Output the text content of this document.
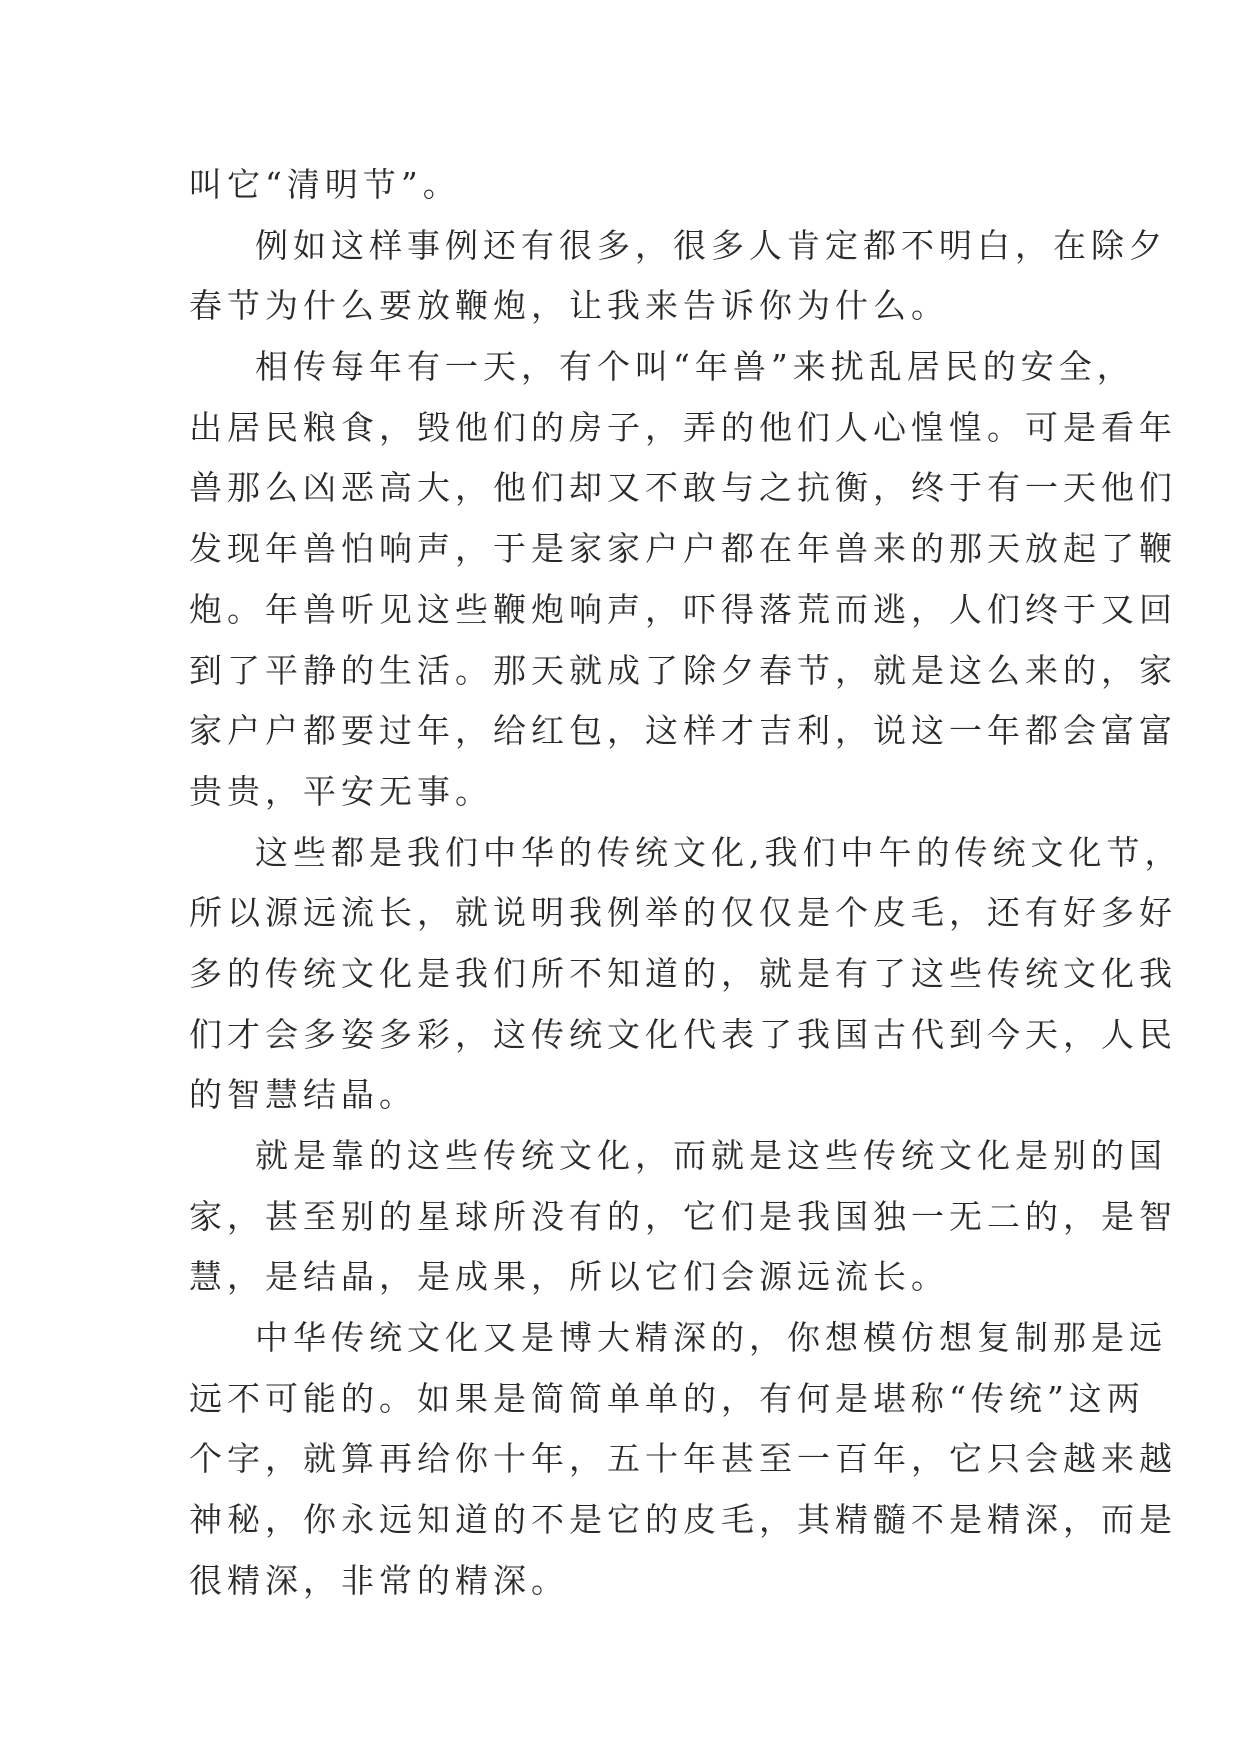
叫它“清明节”。
例如这样事例还有很多，很多人肯定都不明白，在除夕
春节为什么要放鞭炮，让我来告诉你为什么。
相传每年有一天，有个叫“年兽”来扰乱居民的安全，
出居民粮食，毁他们的房子，弄的他们人心惶惶。可是看年
兽那么凶恶高大，他们却又不敢与之抗衡，终于有一天他们
发现年兽怕响声，于是家家户户都在年兽来的那天放起了鞭
炮。年兽听见这些鞭炮响声，吓得落荒而逃，人们终于又回
到了平静的生活。那天就成了除夕春节，就是这么来的，家
家户户都要过年，给红包，这样才吉利，说这一年都会富富
贵贵，平安无事。
这些都是我们中华的传统文化,我们中午的传统文化节，
所以源远流长，就说明我例举的仅仅是个皮毛，还有好多好
多的传统文化是我们所不知道的，就是有了这些传统文化我
们才会多姿多彩，这传统文化代表了我国古代到今天，人民
的智慧结晶。
就是靠的这些传统文化，而就是这些传统文化是别的国
家，甚至别的星球所没有的，它们是我国独一无二的，是智
慧，是结晶，是成果，所以它们会源远流长。
中华传统文化又是博大精深的，你想模仿想复制那是远
远不可能的。如果是简简单单的，有何是堪称“传统”这两
个字，就算再给你十年，五十年甚至一百年，它只会越来越
神秘，你永远知道的不是它的皮毛，其精髓不是精深，而是
很精深，非常的精深。
